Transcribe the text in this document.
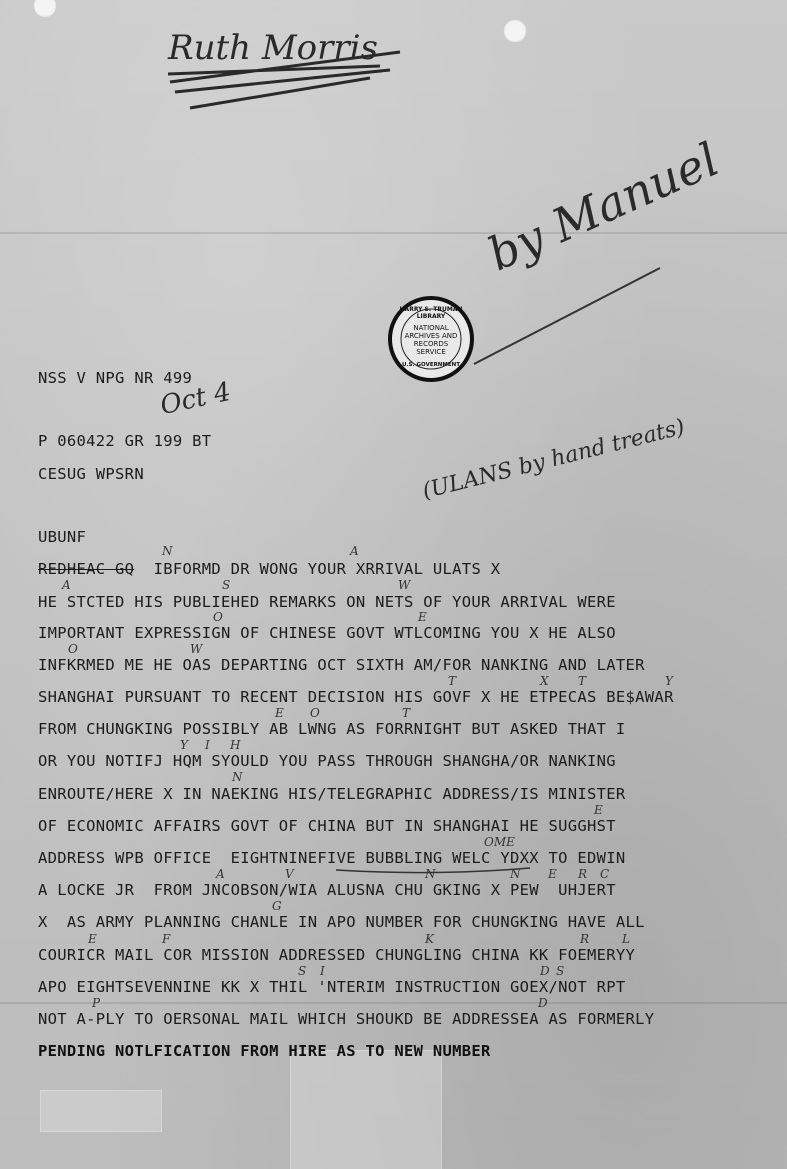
Ruth Morris
by Manuel
HARRY S. TRUMAN LIBRARY
NATIONAL
ARCHIVES AND
RECORDS
SERVICE
U.S. GOVERNMENT
Oct 4
(ULANS by hand treats)
NSS V NPG NR 499
P 060422 GR 199 BT
CESUG WPSRN
UBUNF
REDHEAC GQ IBFORMD DR WONG YOUR XRRIVAL ULATS X
HE STCTED HIS PUBLIEHED REMARKS ON NETS OF YOUR ARRIVAL WERE
IMPORTANT EXPRESSIGN OF CHINESE GOVT WTLCOMING YOU X HE ALSO
INFKRMED ME HE OAS DEPARTING OCT SIXTH AM/FOR NANKING AND LATER
SHANGHAI PURSUANT TO RECENT DECISION HIS GOVF X HE ETPECAS BE$AWAR
FROM CHUNGKING POSSIBLY AB LWNG AS FORRNIGHT BUT ASKED THAT I
OR YOU NOTIFJ HQM SYOULD YOU PASS THROUGH SHANGHA/OR NANKING
ENROUTE/HERE X IN NAEKING HIS/TELEGRAPHIC ADDRESS/IS MINISTER
OF ECONOMIC AFFAIRS GOVT OF CHINA BUT IN SHANGHAI HE SUGGHST
ADDRESS WPB OFFICE  EIGHTNINEFIVE BUBBLING WELC YDXX TO EDWIN
A LOCKE JR  FROM JNCOBSON/WIA ALUSNA CHU GKING X PEW  UHJERT
X  AS ARMY PLANNING CHANLE IN APO NUMBER FOR CHUNGKING HAVE ALL
COURICR MAIL COR MISSION ADDRESSED CHUNGLING CHINA KK FOEMERYY
APO EIGHTSEVENNINE KK X THIL 'NTERIM INSTRUCTION GOEX/NOT RPT
NOT A-PLY TO OERSONAL MAIL WHICH SHOUKD BE ADDRESSEA AS FORMERLY
PENDING NOTLFICATION FROM HIRE AS TO NEW NUMBER
N	A
A	S	W
O	E
O	W
T	X T	Y
E O	T
Y I H
N
E
OME
A	V	N	N E R C
G
E	F	K	R	L
S I	D S
P	D
